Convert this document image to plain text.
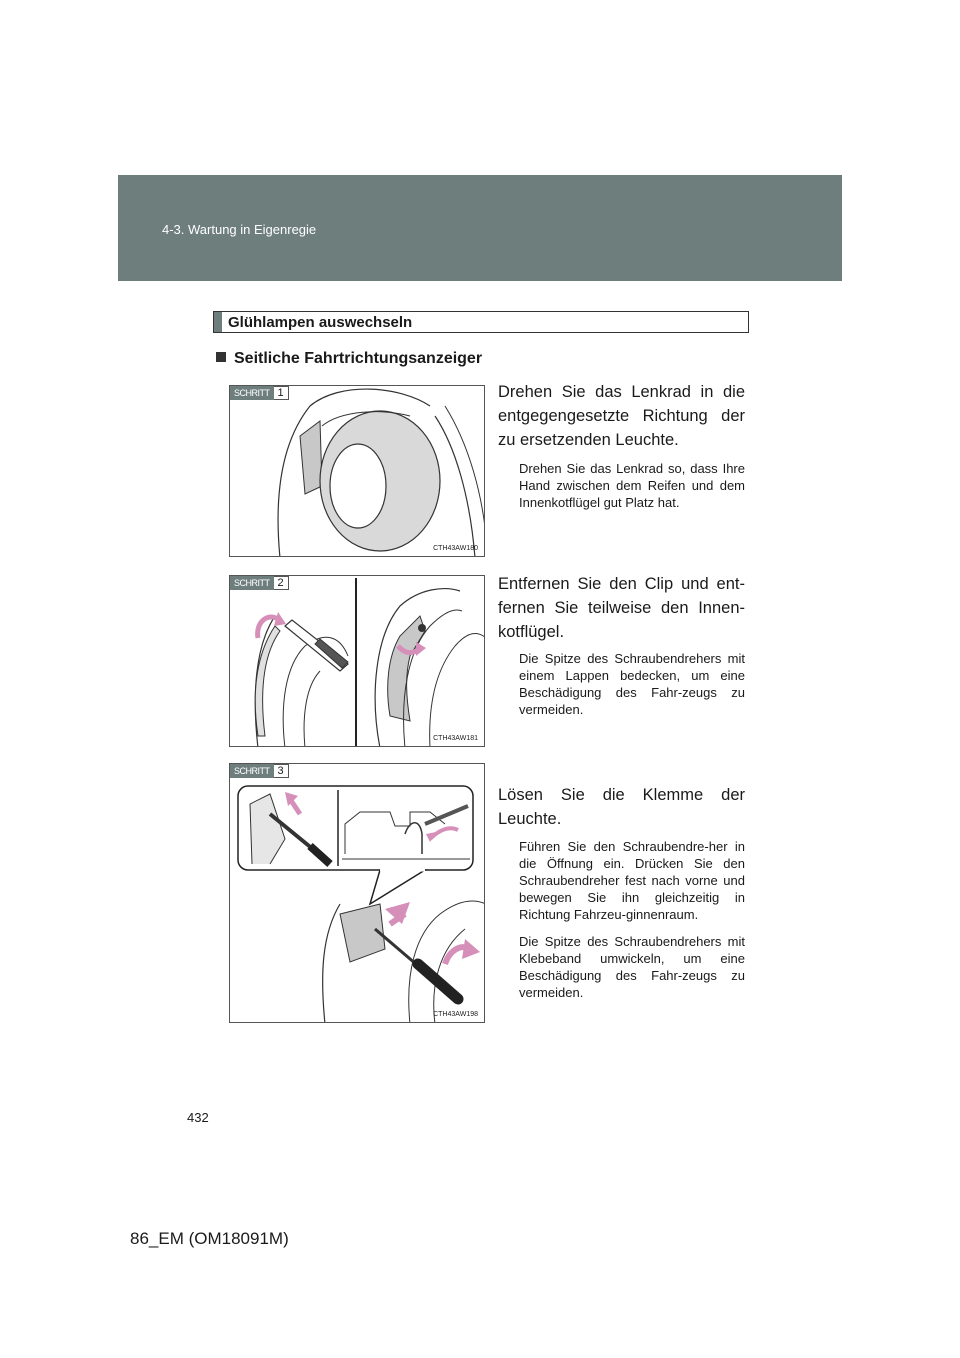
4-3. Wartung in Eigenregie
Glühlampen auswechseln
Seitliche Fahrtrichtungsanzeiger
SCHRITT 1
CTH43AW180
Drehen Sie das Lenkrad in die entgegengesetzte Richtung der zu ersetzenden Leuchte.
Drehen Sie das Lenkrad so, dass Ihre Hand zwischen dem Reifen und dem Innenkotflügel gut Platz hat.
SCHRITT 2
CTH43AW181
Entfernen Sie den Clip und ent-fernen Sie teilweise den Innen-kotflügel.
Die Spitze des Schraubendrehers mit einem Lappen bedecken, um eine Beschädigung des Fahr-zeugs zu vermeiden.
SCHRITT 3
CTH43AW198
Lösen Sie die Klemme der Leuchte.
Führen Sie den Schraubendre-her in die Öffnung ein. Drücken Sie den Schraubendreher fest nach vorne und bewegen Sie ihn gleichzeitig in Richtung Fahrzeu-ginnenraum.
Die Spitze des Schraubendrehers mit Klebeband umwickeln, um eine Beschädigung des Fahr-zeugs zu vermeiden.
432
86_EM (OM18091M)
